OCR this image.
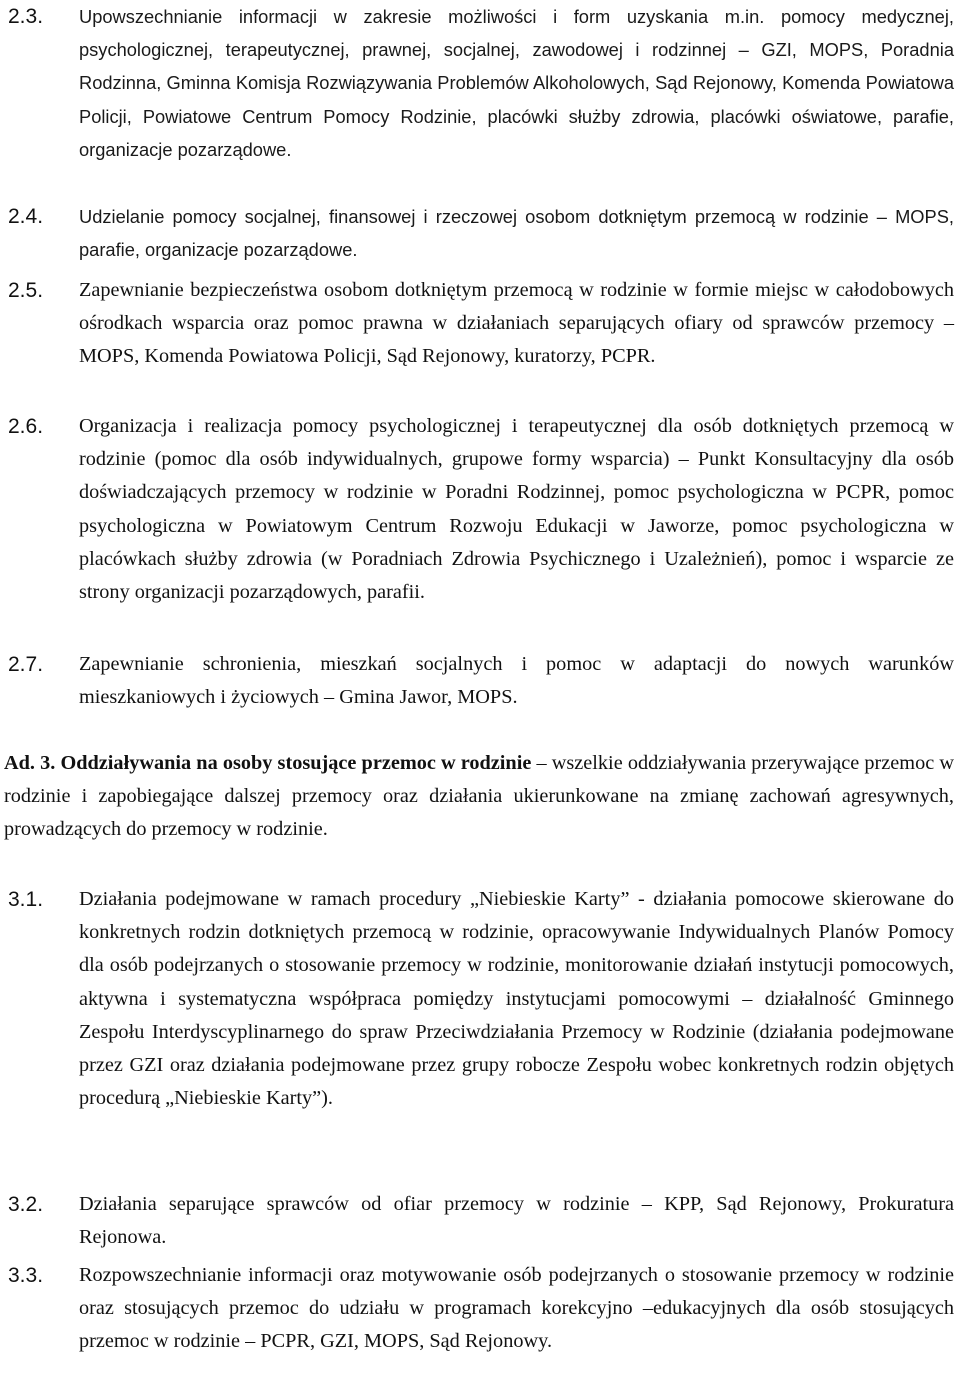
2.3. Upowszechnianie informacji w zakresie możliwości i form uzyskania m.in. pomocy medycznej, psychologicznej, terapeutycznej, prawnej, socjalnej, zawodowej i rodzinnej – GZI, MOPS, Poradnia Rodzinna, Gminna Komisja Rozwiązywania Problemów Alkoholowych, Sąd Rejonowy, Komenda Powiatowa Policji, Powiatowe Centrum Pomocy Rodzinie, placówki służby zdrowia, placówki oświatowe, parafie, organizacje pozarządowe.
2.4. Udzielanie pomocy socjalnej, finansowej i rzeczowej osobom dotkniętym przemocą w rodzinie – MOPS, parafie, organizacje pozarządowe.
2.5. Zapewnianie bezpieczeństwa osobom dotkniętym przemocą w rodzinie w formie miejsc w całodobowych ośrodkach wsparcia oraz pomoc prawna w działaniach separujących ofiary od sprawców przemocy – MOPS, Komenda Powiatowa Policji, Sąd Rejonowy, kuratorzy, PCPR.
2.6. Organizacja i realizacja pomocy psychologicznej i terapeutycznej dla osób dotkniętych przemocą w rodzinie (pomoc dla osób indywidualnych, grupowe formy wsparcia) – Punkt Konsultacyjny dla osób doświadczających przemocy w rodzinie w Poradni Rodzinnej, pomoc psychologiczna w PCPR, pomoc psychologiczna w Powiatowym Centrum Rozwoju Edukacji w Jaworze, pomoc psychologiczna w placówkach służby zdrowia (w Poradniach Zdrowia Psychicznego i Uzależnień), pomoc i wsparcie ze strony organizacji pozarządowych, parafii.
2.7. Zapewnianie schronienia, mieszkań socjalnych i pomoc w adaptacji do nowych warunków mieszkaniowych i życiowych – Gmina Jawor, MOPS.
Ad. 3. Oddziaływania na osoby stosujące przemoc w rodzinie – wszelkie oddziaływania przerywające przemoc w rodzinie i zapobiegające dalszej przemocy oraz działania ukierunkowane na zmianę zachowań agresywnych, prowadzących do przemocy w rodzinie.
3.1. Działania podejmowane w ramach procedury „Niebieskie Karty” - działania pomocowe skierowane do konkretnych rodzin dotkniętych przemocą w rodzinie, opracowywanie Indywidualnych Planów Pomocy dla osób podejrzanych o stosowanie przemocy w rodzinie, monitorowanie działań instytucji pomocowych, aktywna i systematyczna współpraca pomiędzy instytucjami pomocowymi – działalność Gminnego Zespołu Interdyscyplinarnego do spraw Przeciwdziałania Przemocy w Rodzinie (działania podejmowane przez GZI oraz działania podejmowane przez grupy robocze Zespołu wobec konkretnych rodzin objętych procedurą „Niebieskie Karty”).
3.2. Działania separujące sprawców od ofiar przemocy w rodzinie – KPP, Sąd Rejonowy, Prokuratura Rejonowa.
3.3. Rozpowszechnianie informacji oraz motywowanie osób podejrzanych o stosowanie przemocy w rodzinie oraz stosujących przemoc do udziału w programach korekcyjno –edukacyjnych dla osób stosujących przemoc w rodzinie – PCPR, GZI, MOPS, Sąd Rejonowy.
